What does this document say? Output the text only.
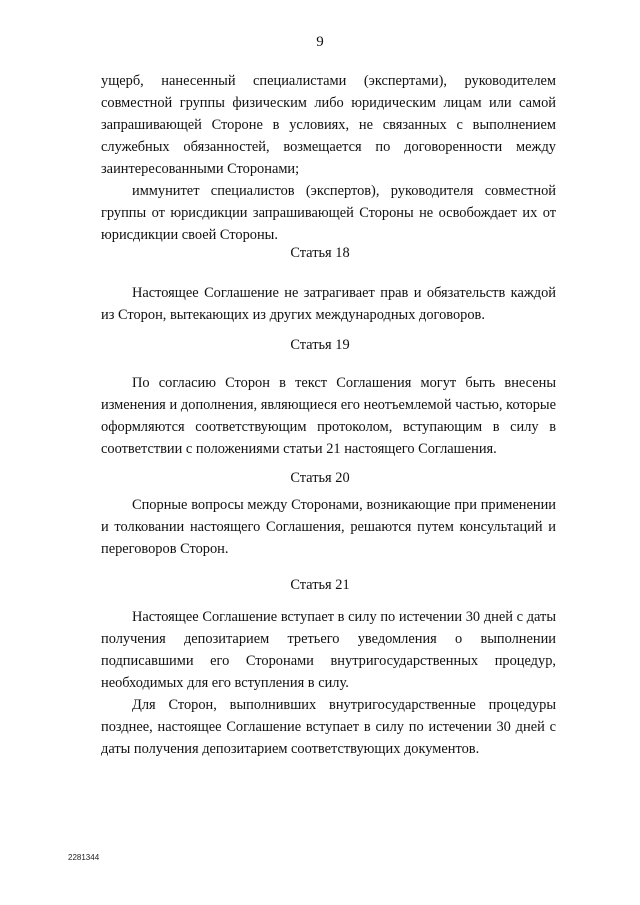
9

ущерб, нанесенный специалистами (экспертами), руководителем совместной группы физическим либо юридическим лицам или самой запрашивающей Стороне в условиях, не связанных с выполнением служебных обязанностей, возмещается по договоренности между заинтересованными Сторонами;

иммунитет специалистов (экспертов), руководителя совместной группы от юрисдикции запрашивающей Стороны не освобождает их от юрисдикции своей Стороны.

Статья 18

Настоящее Соглашение не затрагивает прав и обязательств каждой из Сторон, вытекающих из других международных договоров.

Статья 19

По согласию Сторон в текст Соглашения могут быть внесены изменения и дополнения, являющиеся его неотъемлемой частью, которые оформляются соответствующим протоколом, вступающим в силу в соответствии с положениями статьи 21 настоящего Соглашения.

Статья 20

Спорные вопросы между Сторонами, возникающие при применении и толковании настоящего Соглашения, решаются путем консультаций и переговоров Сторон.

Статья 21

Настоящее Соглашение вступает в силу по истечении 30 дней с даты получения депозитарием третьего уведомления о выполнении подписавшими его Сторонами внутригосударственных процедур, необходимых для его вступления в силу.

Для Сторон, выполнивших внутригосударственные процедуры позднее, настоящее Соглашение вступает в силу по истечении 30 дней с даты получения депозитарием соответствующих документов.

2281344
